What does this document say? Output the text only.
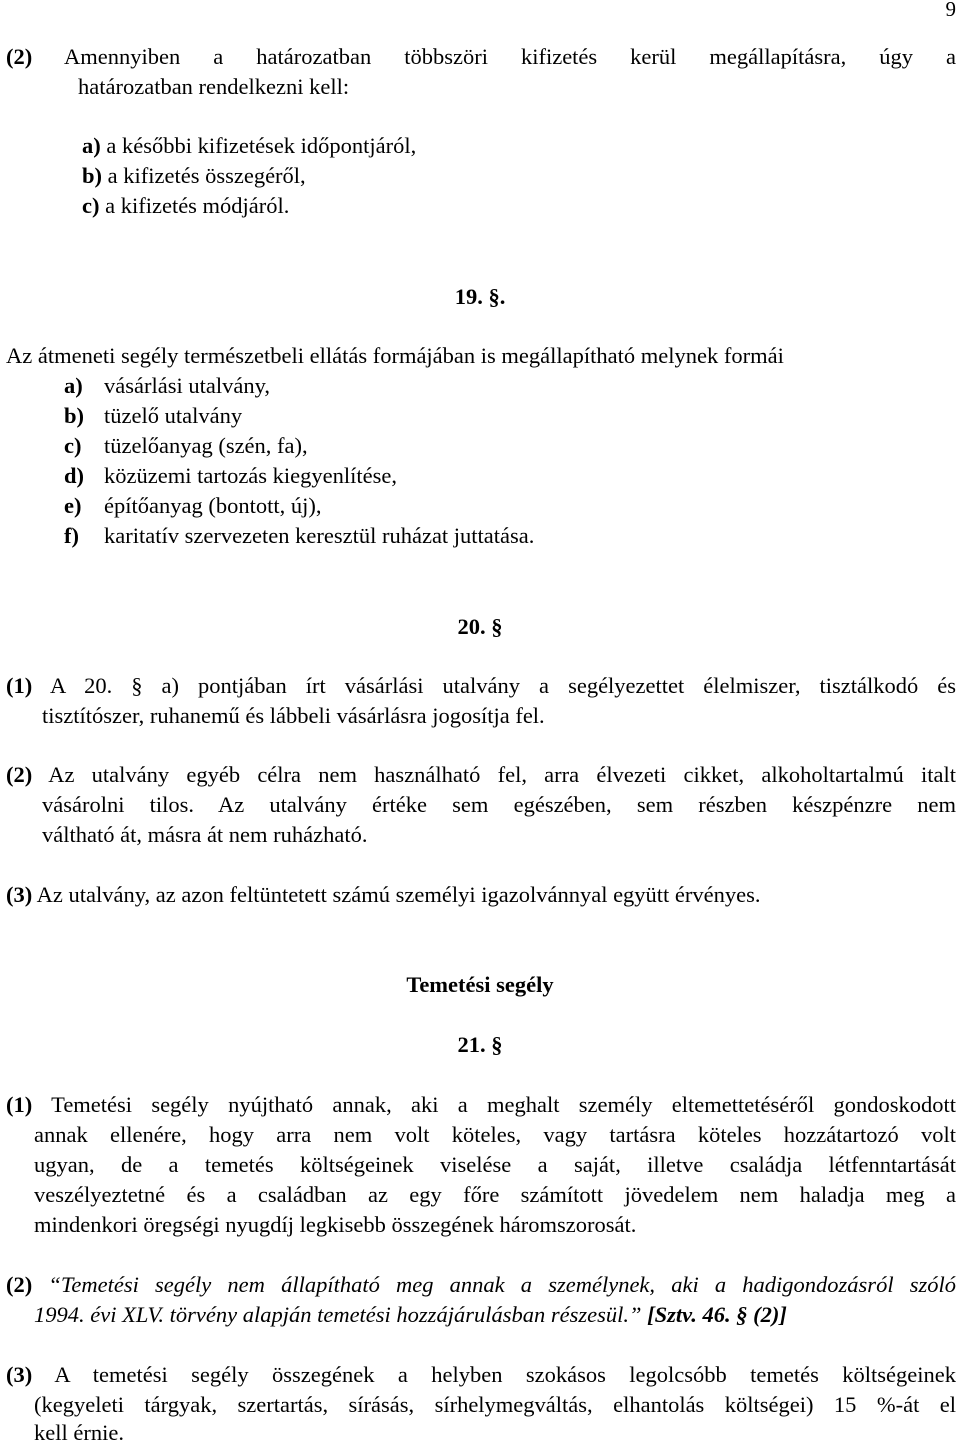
9
(2) Amennyiben a határozatban többszöri kifizetés kerül megállapításra, úgy a
határozatban rendelkezni kell:
a) a későbbi kifizetések időpontjáról,
b) a kifizetés összegéről,
c) a kifizetés módjáról.
19. §.
Az átmeneti segély természetbeli ellátás formájában is megállapítható melynek formái
a) vásárlási utalvány,
b) tüzelő utalvány
c) tüzelőanyag (szén, fa),
d) közüzemi tartozás kiegyenlítése,
e) építőanyag (bontott, új),
f) karitatív szervezeten keresztül ruházat juttatása.
20. §
(1) A 20. § a) pontjában írt vásárlási utalvány a segélyezettet élelmiszer, tisztálkodó és
tisztítószer, ruhanemű és lábbeli vásárlásra jogosítja fel.
(2) Az utalvány egyéb célra nem használható fel, arra élvezeti cikket, alkoholtartalmú italt
vásárolni tilos. Az utalvány értéke sem egészében, sem részben készpénzre nem
váltható át, másra át nem ruházható.
(3) Az utalvány, az azon feltüntetett számú személyi igazolvánnyal együtt érvényes.
Temetési segély
21. §
(1) Temetési segély nyújtható annak, aki a meghalt személy eltemettetéséről gondoskodott
annak ellenére, hogy arra nem volt köteles, vagy tartásra köteles hozzátartozó volt
ugyan, de a temetés költségeinek viselése a saját, illetve családja létfenntartását
veszélyeztetné és a családban az egy főre számított jövedelem nem haladja meg a
mindenkori öregségi nyugdíj legkisebb összegének háromszorosát.
(2) “Temetési segély nem állapítható meg annak a személynek, aki a hadigondozásról szóló
1994. évi XLV. törvény alapján temetési hozzájárulásban részesül.” [Sztv. 46. § (2)]
(3) A temetési segély összegének a helyben szokásos legolcsóbb temetés költségeinek
(kegyeleti tárgyak, szertartás, sírásás, sírhelymegváltás, elhantolás költségei) 15 %-át el
kell érnie.
